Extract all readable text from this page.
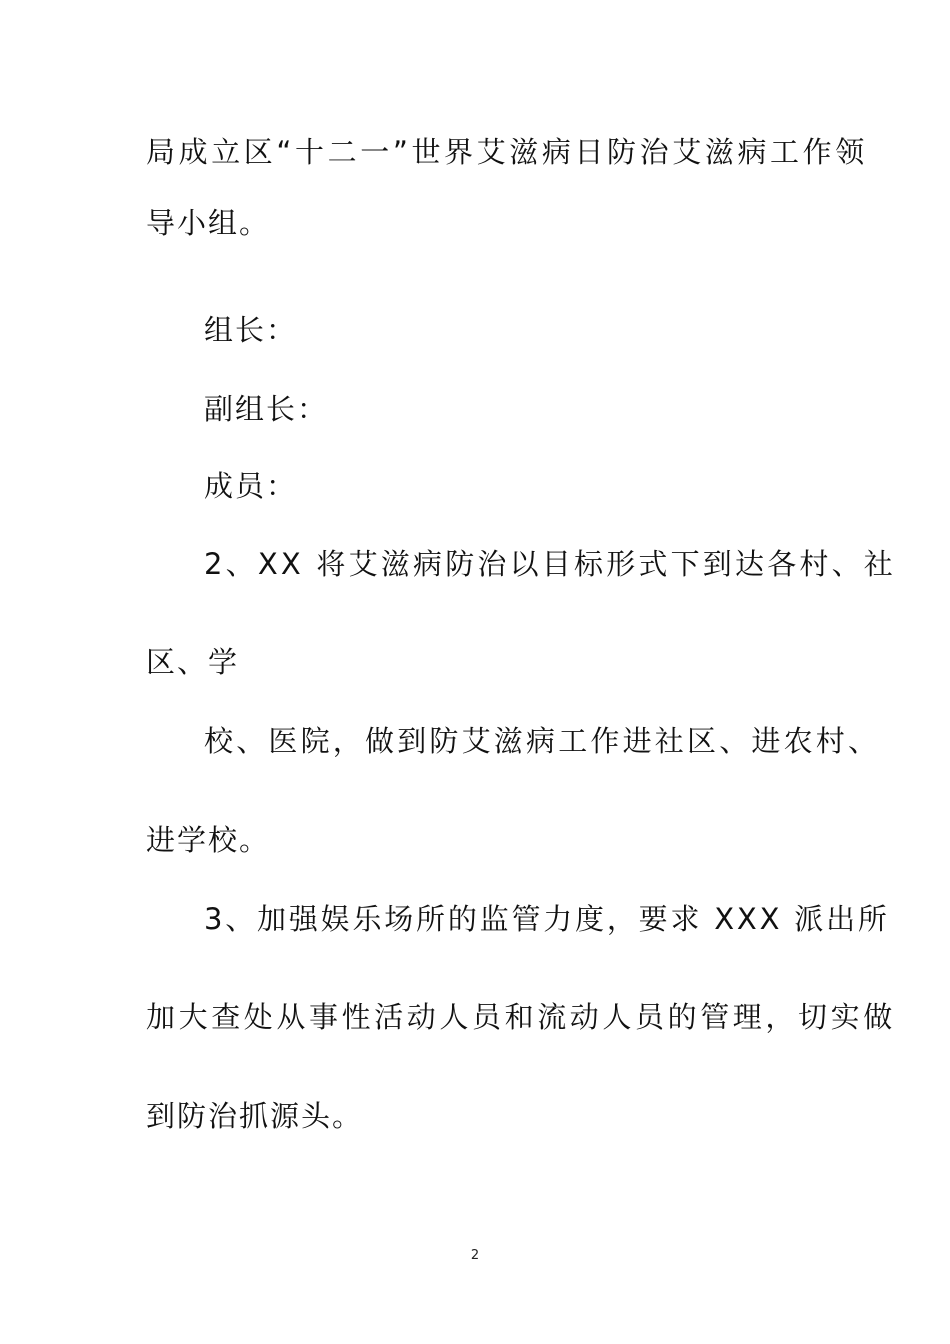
局成立区“十二一”世界艾滋病日防治艾滋病工作领
导小组。
组长：
副组长：
成员：
2、XX 将艾滋病防治以目标形式下到达各村、社
区、学
校、医院，做到防艾滋病工作进社区、进农村、
进学校。
3、加强娱乐场所的监管力度，要求 XXX 派出所
加大查处从事性活动人员和流动人员的管理，切实做
到防治抓源头。
2
